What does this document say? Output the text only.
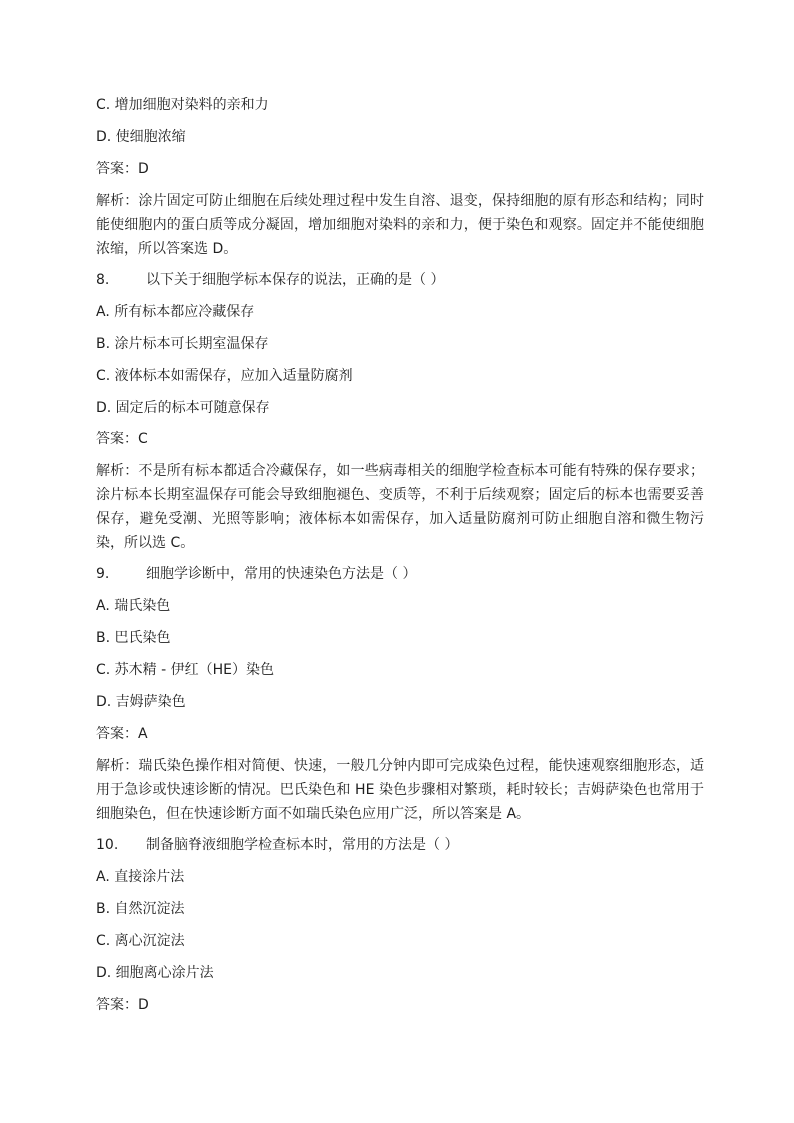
C. 增加细胞对染料的亲和力
D. 使细胞浓缩
答案：D
解析：涂片固定可防止细胞在后续处理过程中发生自溶、退变，保持细胞的原有形态和结构；同时能使细胞内的蛋白质等成分凝固，增加细胞对染料的亲和力，便于染色和观察。固定并不能使细胞浓缩，所以答案选 D。
8.	以下关于细胞学标本保存的说法，正确的是（ ）
A. 所有标本都应冷藏保存
B. 涂片标本可长期室温保存
C. 液体标本如需保存，应加入适量防腐剂
D. 固定后的标本可随意保存
答案：C
解析：不是所有标本都适合冷藏保存，如一些病毒相关的细胞学检查标本可能有特殊的保存要求；涂片标本长期室温保存可能会导致细胞褪色、变质等，不利于后续观察；固定后的标本也需要妥善保存，避免受潮、光照等影响；液体标本如需保存，加入适量防腐剂可防止细胞自溶和微生物污染，所以选 C。
9.	细胞学诊断中，常用的快速染色方法是（ ）
A. 瑞氏染色
B. 巴氏染色
C. 苏木精 - 伊红（HE）染色
D. 吉姆萨染色
答案：A
解析：瑞氏染色操作相对简便、快速，一般几分钟内即可完成染色过程，能快速观察细胞形态，适用于急诊或快速诊断的情况。巴氏染色和 HE 染色步骤相对繁琐，耗时较长；吉姆萨染色也常用于细胞染色，但在快速诊断方面不如瑞氏染色应用广泛，所以答案是 A。
10. 制备脑脊液细胞学检查标本时，常用的方法是（ ）
A. 直接涂片法
B. 自然沉淀法
C. 离心沉淀法
D. 细胞离心涂片法
答案：D
